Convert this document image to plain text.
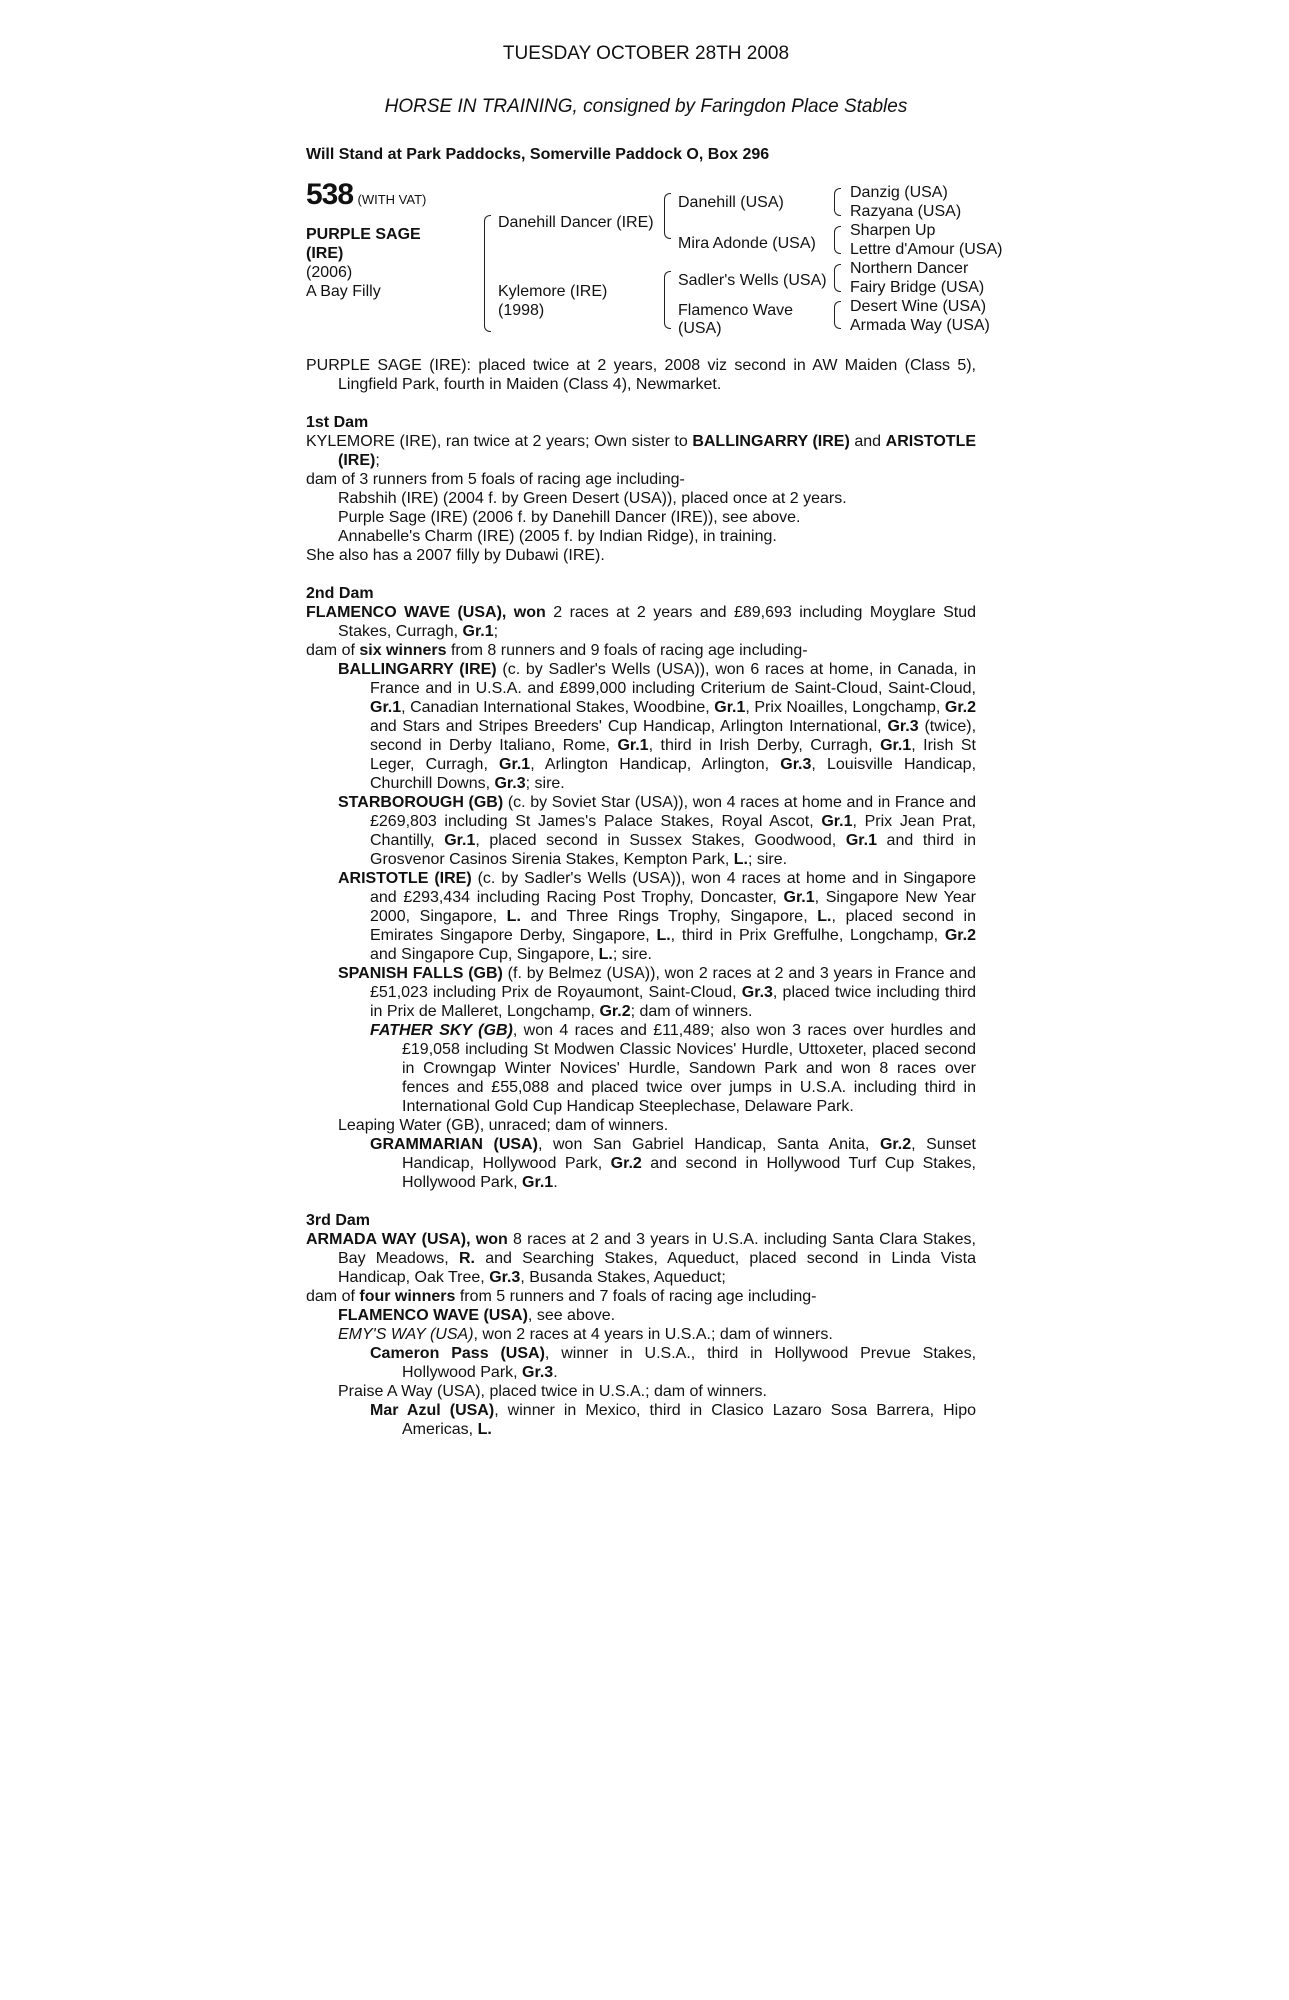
TUESDAY OCTOBER 28TH 2008
HORSE IN TRAINING, consigned by Faringdon Place Stables
Will Stand at Park Paddocks, Somerville Paddock O, Box 296
538 (WITH VAT)
PURPLE SAGE
(IRE)
(2006)
A Bay Filly
Danehill Dancer (IRE)
Kylemore (IRE)
(1998)
Danehill (USA)
Mira Adonde (USA)
Sadler's Wells (USA)
Flamenco Wave
(USA)
Danzig (USA)
Razyana (USA)
Sharpen Up
Lettre d'Amour (USA)
Northern Dancer
Fairy Bridge (USA)
Desert Wine (USA)
Armada Way (USA)

PURPLE SAGE (IRE): placed twice at 2 years, 2008 viz second in AW Maiden (Class 5), Lingfield Park, fourth in Maiden (Class 4), Newmarket.

1st Dam

KYLEMORE (IRE), ran twice at 2 years; Own sister to BALLINGARRY (IRE) and ARISTOTLE (IRE);

dam of 3 runners from 5 foals of racing age including-

Rabshih (IRE) (2004 f. by Green Desert (USA)), placed once at 2 years.

Purple Sage (IRE) (2006 f. by Danehill Dancer (IRE)), see above.

Annabelle's Charm (IRE) (2005 f. by Indian Ridge), in training.

She also has a 2007 filly by Dubawi (IRE).

2nd Dam

FLAMENCO WAVE (USA), won 2 races at 2 years and £89,693 including Moyglare Stud Stakes, Curragh, Gr.1;

dam of six winners from 8 runners and 9 foals of racing age including-

BALLINGARRY (IRE) (c. by Sadler's Wells (USA)), won 6 races at home, in Canada, in France and in U.S.A. and £899,000 including Criterium de Saint-Cloud, Saint-Cloud, Gr.1, Canadian International Stakes, Woodbine, Gr.1, Prix Noailles, Longchamp, Gr.2 and Stars and Stripes Breeders' Cup Handicap, Arlington International, Gr.3 (twice), second in Derby Italiano, Rome, Gr.1, third in Irish Derby, Curragh, Gr.1, Irish St Leger, Curragh, Gr.1, Arlington Handicap, Arlington, Gr.3, Louisville Handicap, Churchill Downs, Gr.3; sire.

STARBOROUGH (GB) (c. by Soviet Star (USA)), won 4 races at home and in France and £269,803 including St James's Palace Stakes, Royal Ascot, Gr.1, Prix Jean Prat, Chantilly, Gr.1, placed second in Sussex Stakes, Goodwood, Gr.1 and third in Grosvenor Casinos Sirenia Stakes, Kempton Park, L.; sire.

ARISTOTLE (IRE) (c. by Sadler's Wells (USA)), won 4 races at home and in Singapore and £293,434 including Racing Post Trophy, Doncaster, Gr.1, Singapore New Year 2000, Singapore, L. and Three Rings Trophy, Singapore, L., placed second in Emirates Singapore Derby, Singapore, L., third in Prix Greffulhe, Longchamp, Gr.2 and Singapore Cup, Singapore, L.; sire.

SPANISH FALLS (GB) (f. by Belmez (USA)), won 2 races at 2 and 3 years in France and £51,023 including Prix de Royaumont, Saint-Cloud, Gr.3, placed twice including third in Prix de Malleret, Longchamp, Gr.2; dam of winners.

FATHER SKY (GB), won 4 races and £11,489; also won 3 races over hurdles and £19,058 including St Modwen Classic Novices' Hurdle, Uttoxeter, placed second in Crowngap Winter Novices' Hurdle, Sandown Park and won 8 races over fences and £55,088 and placed twice over jumps in U.S.A. including third in International Gold Cup Handicap Steeplechase, Delaware Park.

Leaping Water (GB), unraced; dam of winners.

GRAMMARIAN (USA), won San Gabriel Handicap, Santa Anita, Gr.2, Sunset Handicap, Hollywood Park, Gr.2 and second in Hollywood Turf Cup Stakes, Hollywood Park, Gr.1.

3rd Dam

ARMADA WAY (USA), won 8 races at 2 and 3 years in U.S.A. including Santa Clara Stakes, Bay Meadows, R. and Searching Stakes, Aqueduct, placed second in Linda Vista Handicap, Oak Tree, Gr.3, Busanda Stakes, Aqueduct;

dam of four winners from 5 runners and 7 foals of racing age including-

FLAMENCO WAVE (USA), see above.

EMY'S WAY (USA), won 2 races at 4 years in U.S.A.; dam of winners.

Cameron Pass (USA), winner in U.S.A., third in Hollywood Prevue Stakes, Hollywood Park, Gr.3.

Praise A Way (USA), placed twice in U.S.A.; dam of winners.

Mar Azul (USA), winner in Mexico, third in Clasico Lazaro Sosa Barrera, Hipo Americas, L.
